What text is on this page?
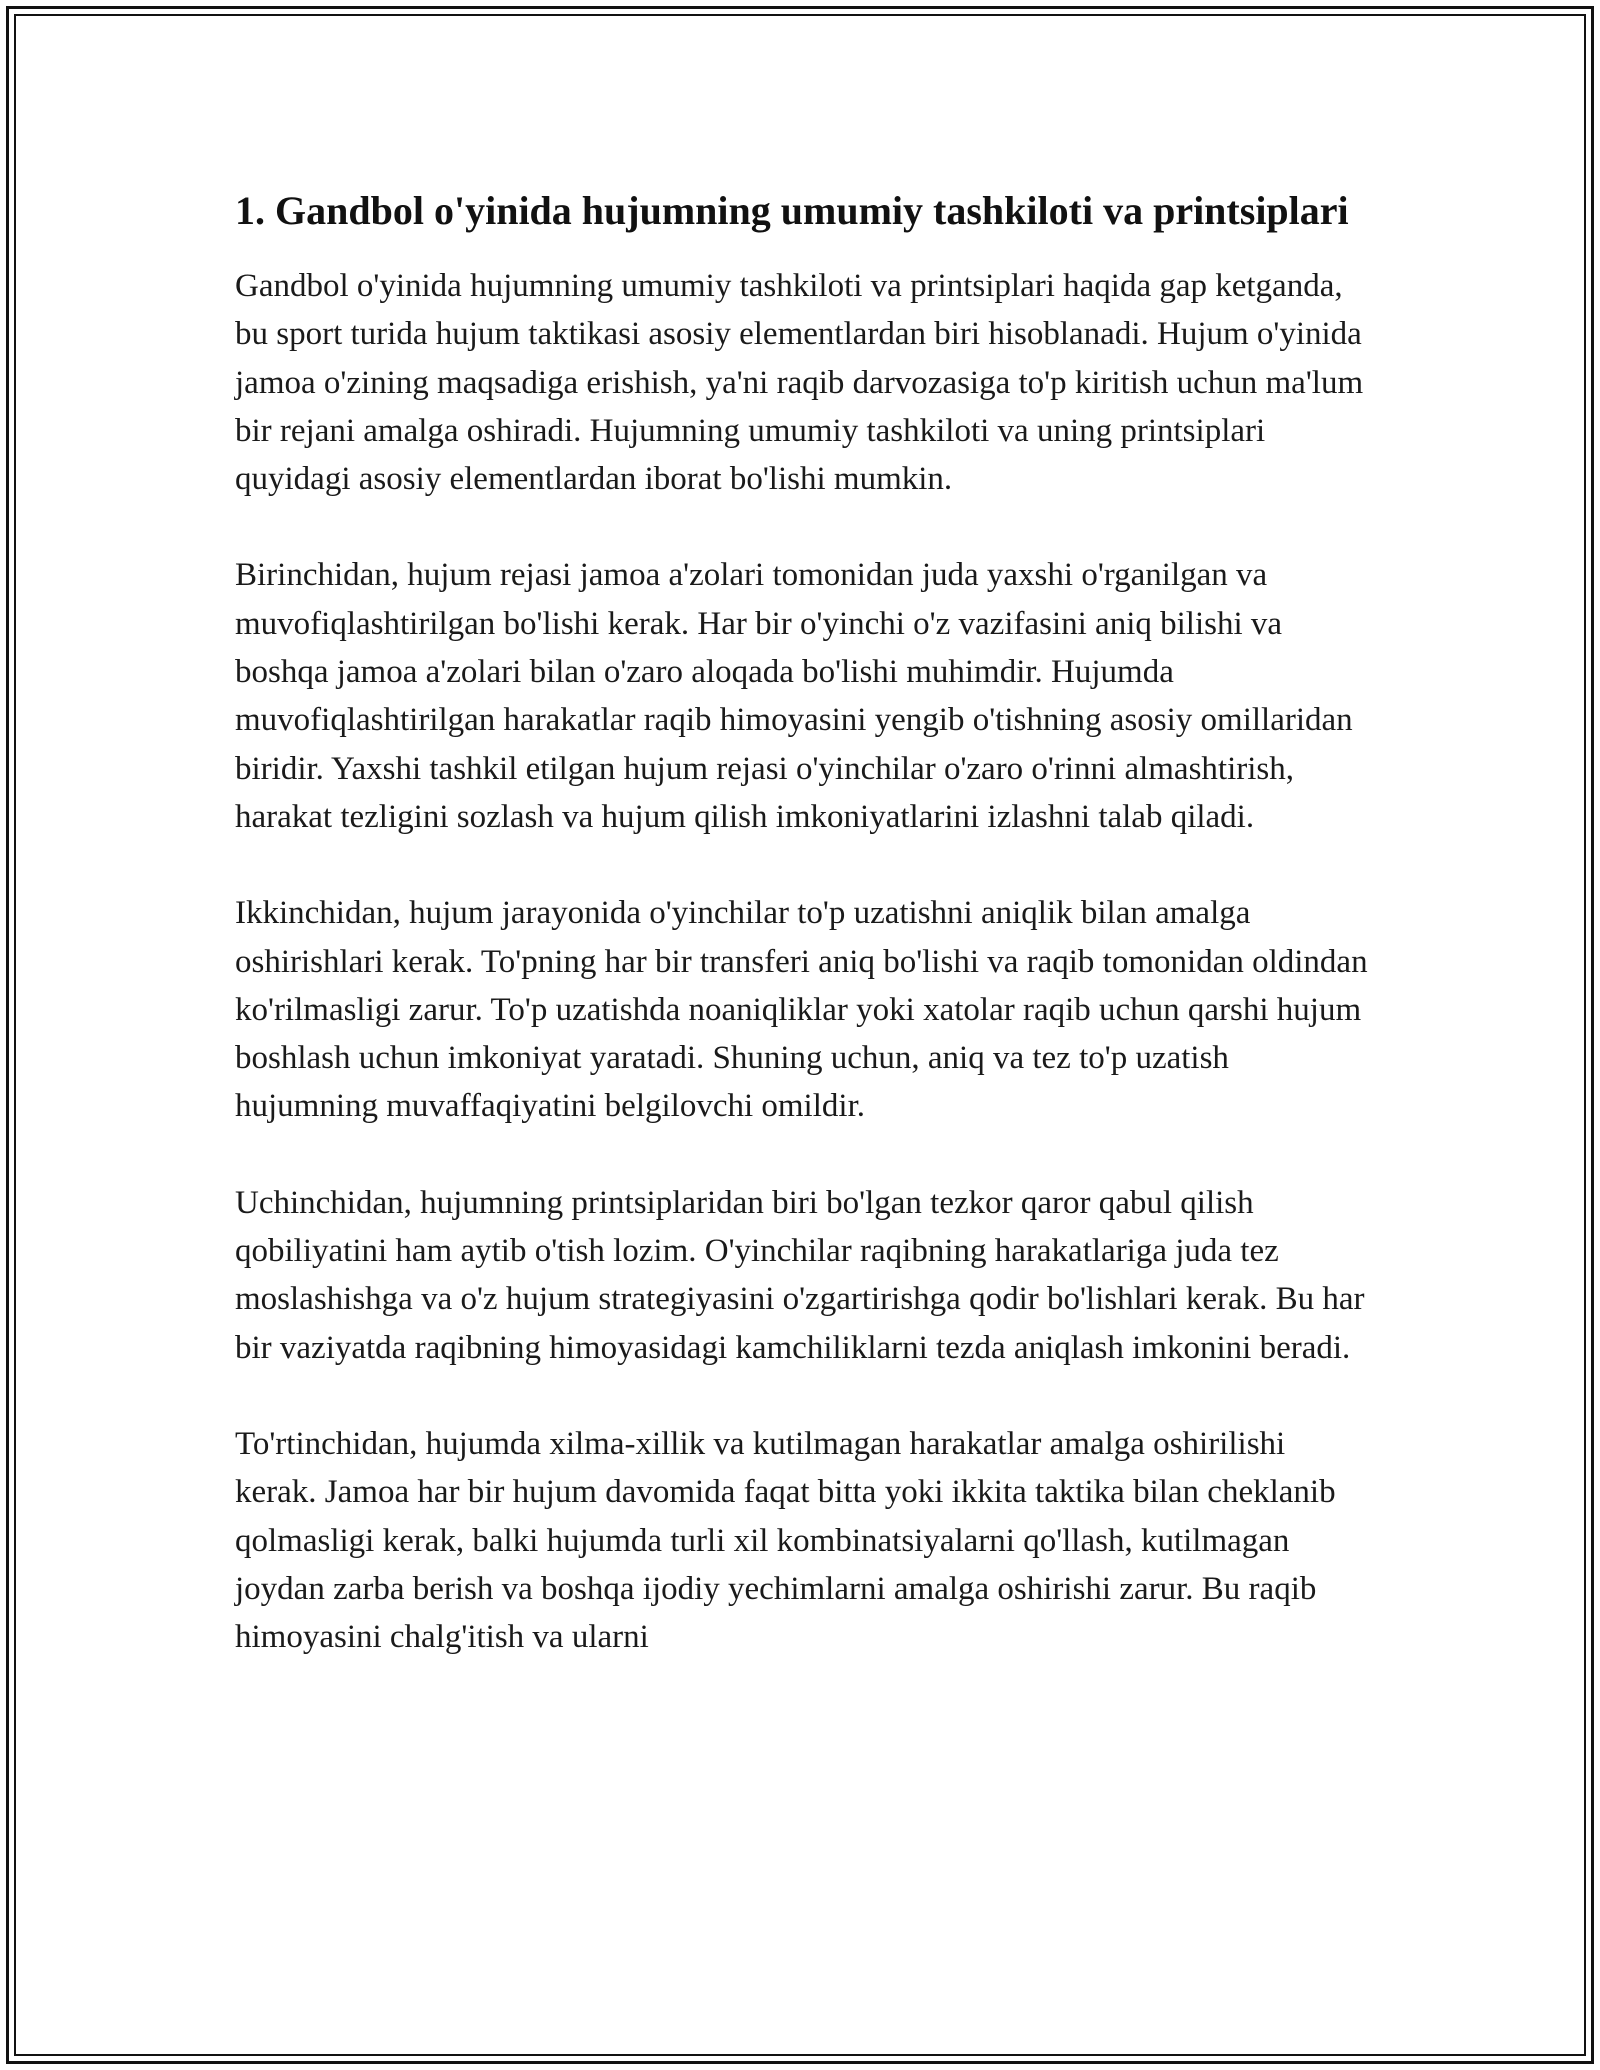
1. Gandbol o'yinida hujumning umumiy tashkiloti va printsiplari

Gandbol o'yinida hujumning umumiy tashkiloti va printsiplari haqida gap ketganda, bu sport turida hujum taktikasi asosiy elementlardan biri hisoblanadi. Hujum o'yinida jamoa o'zining maqsadiga erishish, ya'ni raqib darvozasiga to'p kiritish uchun ma'lum bir rejani amalga oshiradi. Hujumning umumiy tashkiloti va uning printsiplari quyidagi asosiy elementlardan iborat bo'lishi mumkin.

Birinchidan, hujum rejasi jamoa a'zolari tomonidan juda yaxshi o'rganilgan va muvofiqlashtirilgan bo'lishi kerak. Har bir o'yinchi o'z vazifasini aniq bilishi va boshqa jamoa a'zolari bilan o'zaro aloqada bo'lishi muhimdir. Hujumda muvofiqlashtirilgan harakatlar raqib himoyasini yengib o'tishning asosiy omillaridan biridir. Yaxshi tashkil etilgan hujum rejasi o'yinchilar o'zaro o'rinni almashtirish, harakat tezligini sozlash va hujum qilish imkoniyatlarini izlashni talab qiladi.

Ikkinchidan, hujum jarayonida o'yinchilar to'p uzatishni aniqlik bilan amalga oshirishlari kerak. To'pning har bir transferi aniq bo'lishi va raqib tomonidan oldindan ko'rilmasligi zarur. To'p uzatishda noaniqliklar yoki xatolar raqib uchun qarshi hujum boshlash uchun imkoniyat yaratadi. Shuning uchun, aniq va tez to'p uzatish hujumning muvaffaqiyatini belgilovchi omildir.

Uchinchidan, hujumning printsiplaridan biri bo'lgan tezkor qaror qabul qilish qobiliyatini ham aytib o'tish lozim. O'yinchilar raqibning harakatlariga juda tez moslashishga va o'z hujum strategiyasini o'zgartirishga qodir bo'lishlari kerak. Bu har bir vaziyatda raqibning himoyasidagi kamchiliklarni tezda aniqlash imkonini beradi.

To'rtinchidan, hujumda xilma-xillik va kutilmagan harakatlar amalga oshirilishi kerak. Jamoa har bir hujum davomida faqat bitta yoki ikkita taktika bilan cheklanib qolmasligi kerak, balki hujumda turli xil kombinatsiyalarni qo'llash, kutilmagan joydan zarba berish va boshqa ijodiy yechimlarni amalga oshirishi zarur. Bu raqib himoyasini chalg'itish va ularni
